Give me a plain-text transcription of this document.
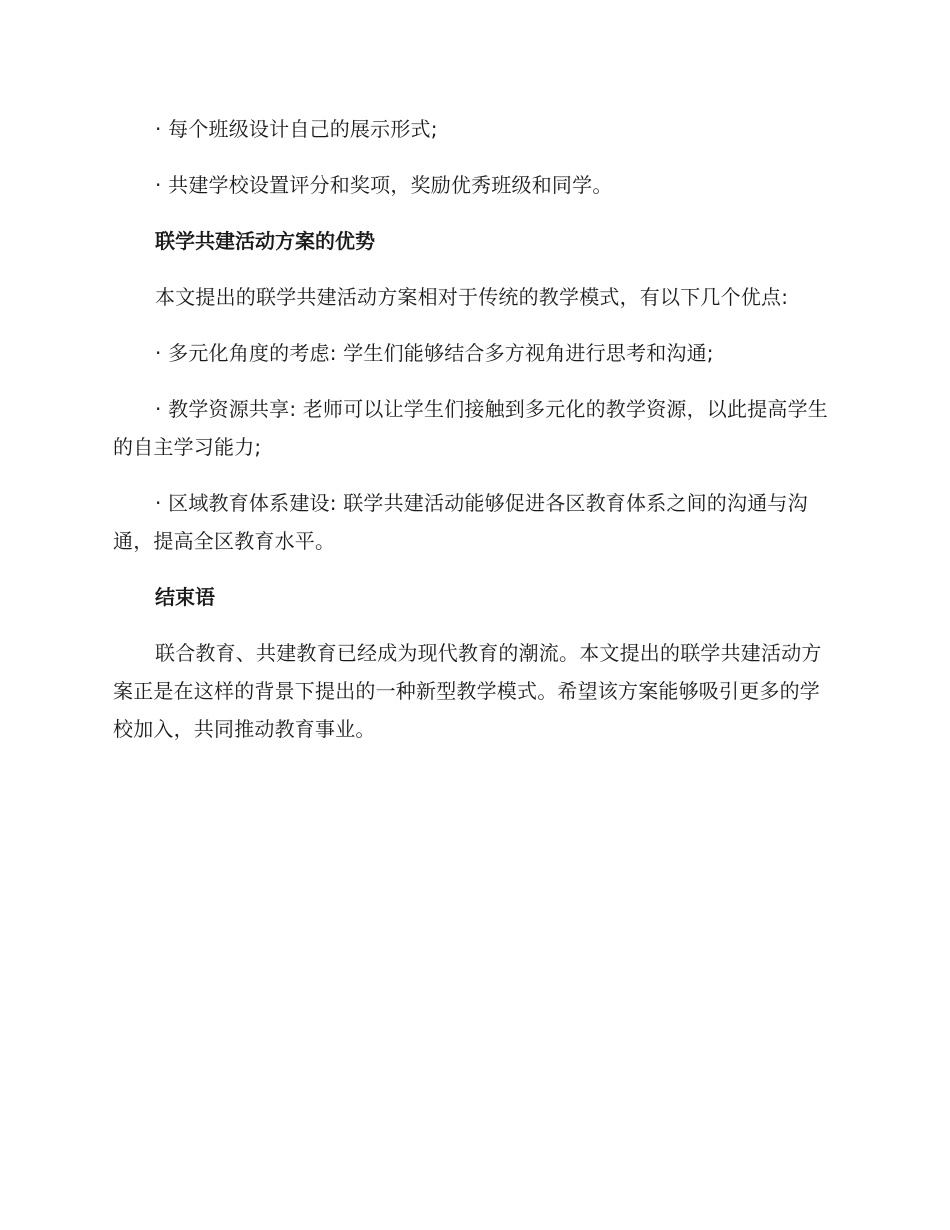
· 每个班级设计自己的展示形式;

· 共建学校设置评分和奖项，奖励优秀班级和同学。

联学共建活动方案的优势

本文提出的联学共建活动方案相对于传统的教学模式，有以下几个优点:

· 多元化角度的考虑: 学生们能够结合多方视角进行思考和沟通;

· 教学资源共享: 老师可以让学生们接触到多元化的教学资源，以此提高学生的自主学习能力;

· 区域教育体系建设: 联学共建活动能够促进各区教育体系之间的沟通与沟通，提高全区教育水平。

结束语

联合教育、共建教育已经成为现代教育的潮流。本文提出的联学共建活动方案正是在这样的背景下提出的一种新型教学模式。希望该方案能够吸引更多的学校加入，共同推动教育事业。
